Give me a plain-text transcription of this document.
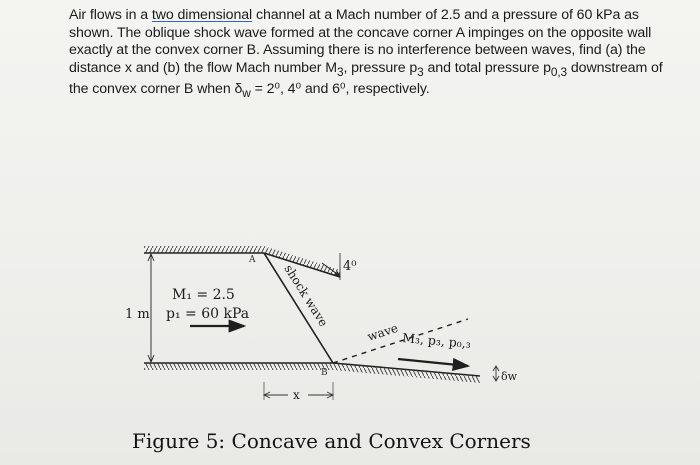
Air flows in a two dimensional channel at a Mach number of 2.5 and a pressure of 60 kPa as shown. The oblique shock wave formed at the concave corner A impinges on the opposite wall exactly at the convex corner B. Assuming there is no interference between waves, find (a) the distance x and (b) the flow Mach number $M_3$, pressure $p_3$ and total pressure $p_{0,3}$ downstream of the convex corner B when $\delta_w = 2^0$, 4⁰ and 6⁰, respectively.

A
B
4⁰
shock wave
wave
1 m
M₁ = 2.5
p₁ = 60 kPa
M₃, p₃, p₀,₃
x
δw

Figure 5: Concave and Convex Corners
